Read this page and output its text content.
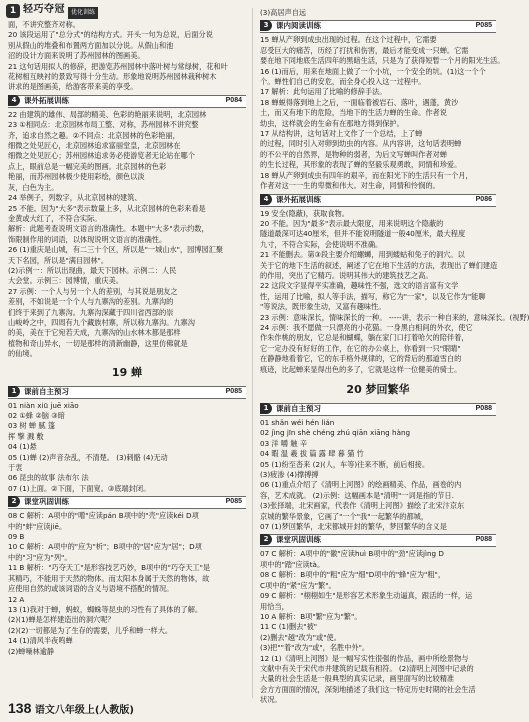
1 轻巧夺冠	优化训练

面，不讲究整齐对称。

20 该段运用了"总分式"的结构方式。开头一句为总说，后面分说

别从假山的堆叠和布置两方面加以分说。从假山和池

沼的设计方面来说明了苏州园林的图画美。

21 这句话用拟人的修辞，把游览苏州园林中落叶树与常绿树，花和叶

花树相互映衬的景致写得十分生动。形象地说明苏州园林栽种树木

讲求的是图画美，给游客带来美的享受。

4	课外拓展训练	P084

22 由建筑的雄伟、局部的精美、色彩的艳丽来说明，北京园林

23 ①相同点：北京园林布局工整、对称，苏州园林不讲究整

齐，追求自然之趣。②不同点：北京园林的色彩艳丽，

细微之处见匠心，北京园林追求富丽堂皇，北京园林在

细微之处见匠心；苏州园林追求务必使游览者无论站在哪个

点上，眼前总是一幅完美的图画。北京园林的色彩

艳丽，而苏州园林极少使用彩绘，颜色以淡

灰，白色为主。

24 举例子，列数字，从北京园林的建筑、

25 不能。因为"大多"表示数量上多，从北京园林的色彩来看是

金黄或大红了，不符合实际。

解析：此题考查说明文语言的准确性。本题中"大多"表示约数，

饰限制作用的词语，以体现说明文语言的准确性。

26 (1)重庆是山城，有二三十个区，所以是"一城山水"，园博园汇聚

天下名园，所以是"满目园林"。

(2)示例一：所以出现曲，最天下园林。示例二：人民

大会堂。示例三：园博情，重庆美。

27 示例：一个人与另一个人的差别，与其说是朋友之

差别，不如说是一个个人与九寨沟的差别。九寨沟的

们终于来到了九寨沟。九寨沟深藏于四川省西部的崇

山峻岭之中，四周有九个藏族村寨，所以称九寨沟。九寨沟

的美，美在于它宛若天成，九寨沟的山水林木都是那样

植物和奇山异水，一切是那样的清新幽静，这里仿佛就是

的仙境。

19 蝉
1	课前自主预习	P085

01 niàn xiū juē xiāo

02 ①蜂 ②脑 ③暗

03 树 蝉 腻 篷

挥 擎 溅 敷

04 (1)悬

05 (1)蝉 (2)声音杂乱，不清楚。 (3)刺骼 (4)无动

于衷

06 昆虫的故事 法布尔 法

07 (1)上面。②下面，下面宽。③底端封闭。

2	课堂巩固训练	P085

08 C 解析：A项中的"噌"应读pán B项中的"壳"应读kéi D项

中的"蚌"应读jiē。

09 B

10 C 解析：A项中的"应为"析"；B项中的"居"应为"居"；D项

中的"习"应为"列"。

11 B 解析："巧夺天工"是形容技艺巧妙，B项中的"巧夺天工"是

其精巧，不能用于天然的物体。而太阳本身属于天然的物体，故

应使用自然的或该词语的含义与语境不搭配的情况。

12 A

13 (1)我对于蝉，蚂蚁，蜘蛛等昆虫的习性有了具体的了解。

(2)(1)蝉是怎样建造出的洞穴呢？

(2)(2)一切都是为了生存的需要，儿乎和蝉一样大。

14 (1)清风半夜鸣蝉

(2)蝉噪林逾静

(3)高居声自远

3	课内阅读训练	P085

15 蝉从产卵到成虫出现的过程。在这个过程中，它需要

忍受巨大的痛苦，历经了打扰和伤害，最后才能变成一只蝉。它需

要在地下同地底生活四年的黑暗生活，只是为了获得短暂一个月的阳光生活。

16 (1)而后，用来在地面上做了一个小坑，一个安全的坑。(1)这一个个

个。蝉性们自己的安危，而全身心投入这一过程中。

17 解析：此句运用了比喻的修辞手法。

18 蝉蜕得落到地上之后，一面临着被岩石、落叶，遇蓬，黄沙

土，而又有地下的危险，当地下的生活力蝉的生命。作者说

幼虫，这样就会的生命有在那地方得到保护。

17 从结构讲，这句话对上文作了一个总结，上了蝉

的过程，同时引入对卵到幼虫的内容。从内容讲，这句话表明蝉

的不公平的自然界，是物种的弱者，为后文写蝉叫作者对蝉

的生长过程，其形象的表现了蝉的坚毅乐观勇敢，同情和珍爱。

18 蝉从产卵到成虫有四年的艰辛，而在阳光下的生活只有一个月，

作者对这一一生的卑微和伟大。对生命，同情和怜悯的。

4	课外拓展训练	P086

19 安全(隐蔽)，获取食物。

20 不能。因为"最多"表示最大限度，用来说明这个隐蔽的

隧道最深可达40厘米，但并不能说明隧道一般40厘米，最大程度

九寸，不符合实际，会使说明不准确。

21 不能删去。第③段主要介绍螺蛳，用到蝼蛄和兔子的洞穴。以

关于它的地下生活的叙述，阐述了它在地下生活的方法，表现出了蝉们建造

的作用，突出了它精巧。说明其伟大的建筑技艺之高。

22 这段文字显得平实准确，趣味性不强，选文的语言富有文学

性，运用了比喻，拟人等手法，描写，称它为"一家"，以及它作为"能聊

"等说法，既形象生动，又富有趣味性。

23 示例：意味深长，情味深长的一种。 -----讲，表示一种自来的，意味深长。(视野)

24 示例：我不愿做一只漂亮的小花猫。一身黑白相间的外衣，使它

作朱作桃的朋友，它总是和蝴蝶，躺在家门口打着哈欠的陪伴着，

它一定办没有好好的工作，在它的办公桌上，你看到一只"眼睛"

在静静地看着它，它的东手格外规律的，它的背后的那道雪白的

痕迹，比起蝉来显得出色的多了，它就是这样一位健美的骑士。

20 梦回繁华
1	课前自主预习	P088

01 shǎn wéi hén lián

02 jìng jīn shè chéng zhú qiān xiāng hàng

03 洋 嚼 触 辛

04 暇 温 羲 拔 篇 露 肆 暮 猫 竹

05 (1)纷至沓来 (2)(人，车等)往来不断，前后相接。

(3)疲渗 (4)撑搏搏

06 (1)重点介绍了《清明上河图》的绘画精美、作品，画卷的内

容，艺术成就。 (2)示例：这幅画本是"清明"一词是指的节日.

(3)张择端，北宋画家，代表作《清明上河图》描绘了北宋汴京东

京城的繁华景象，它画了"一个"我"一起繁华的都城，

07 (1)梦回繁华，北宋都城开封的繁华，梦回繁华的含义是

2	课堂巩固训练	P088

07 C 解析：A项中的"徽"应读huì B项中的"劲"应读jìng D

项中的"踏"应读tà。

08 C 解析：B项中的"粗"应为"细"D项中的"蜂"应为"粗"，

C项中的"紧"应为"繁"。

09 C 解析："栩栩如生"是形容艺术形象生动逼真，跟活的一样，运

用恰当，

10 A 解析：B项"繁"应为"繁"。

11 C (1)删去"被"

(2)删去"越"改为"或"使。

(3)把""着"改为"或"，名胜中外"。

12 (1)《清明上河图》是一幅写实性很强的作品，画中所绘景物与

文献中有关于宋代市井建筑的记载有相符。 (2)清明上河图中记录的

大量的社会生活是一般典型的真实记录，画里面写的比较精准

会方方面面的情况，深刻地描述了我们这一特定历史时期的社会生活

状况。

138 语文八年级上(人教版)
